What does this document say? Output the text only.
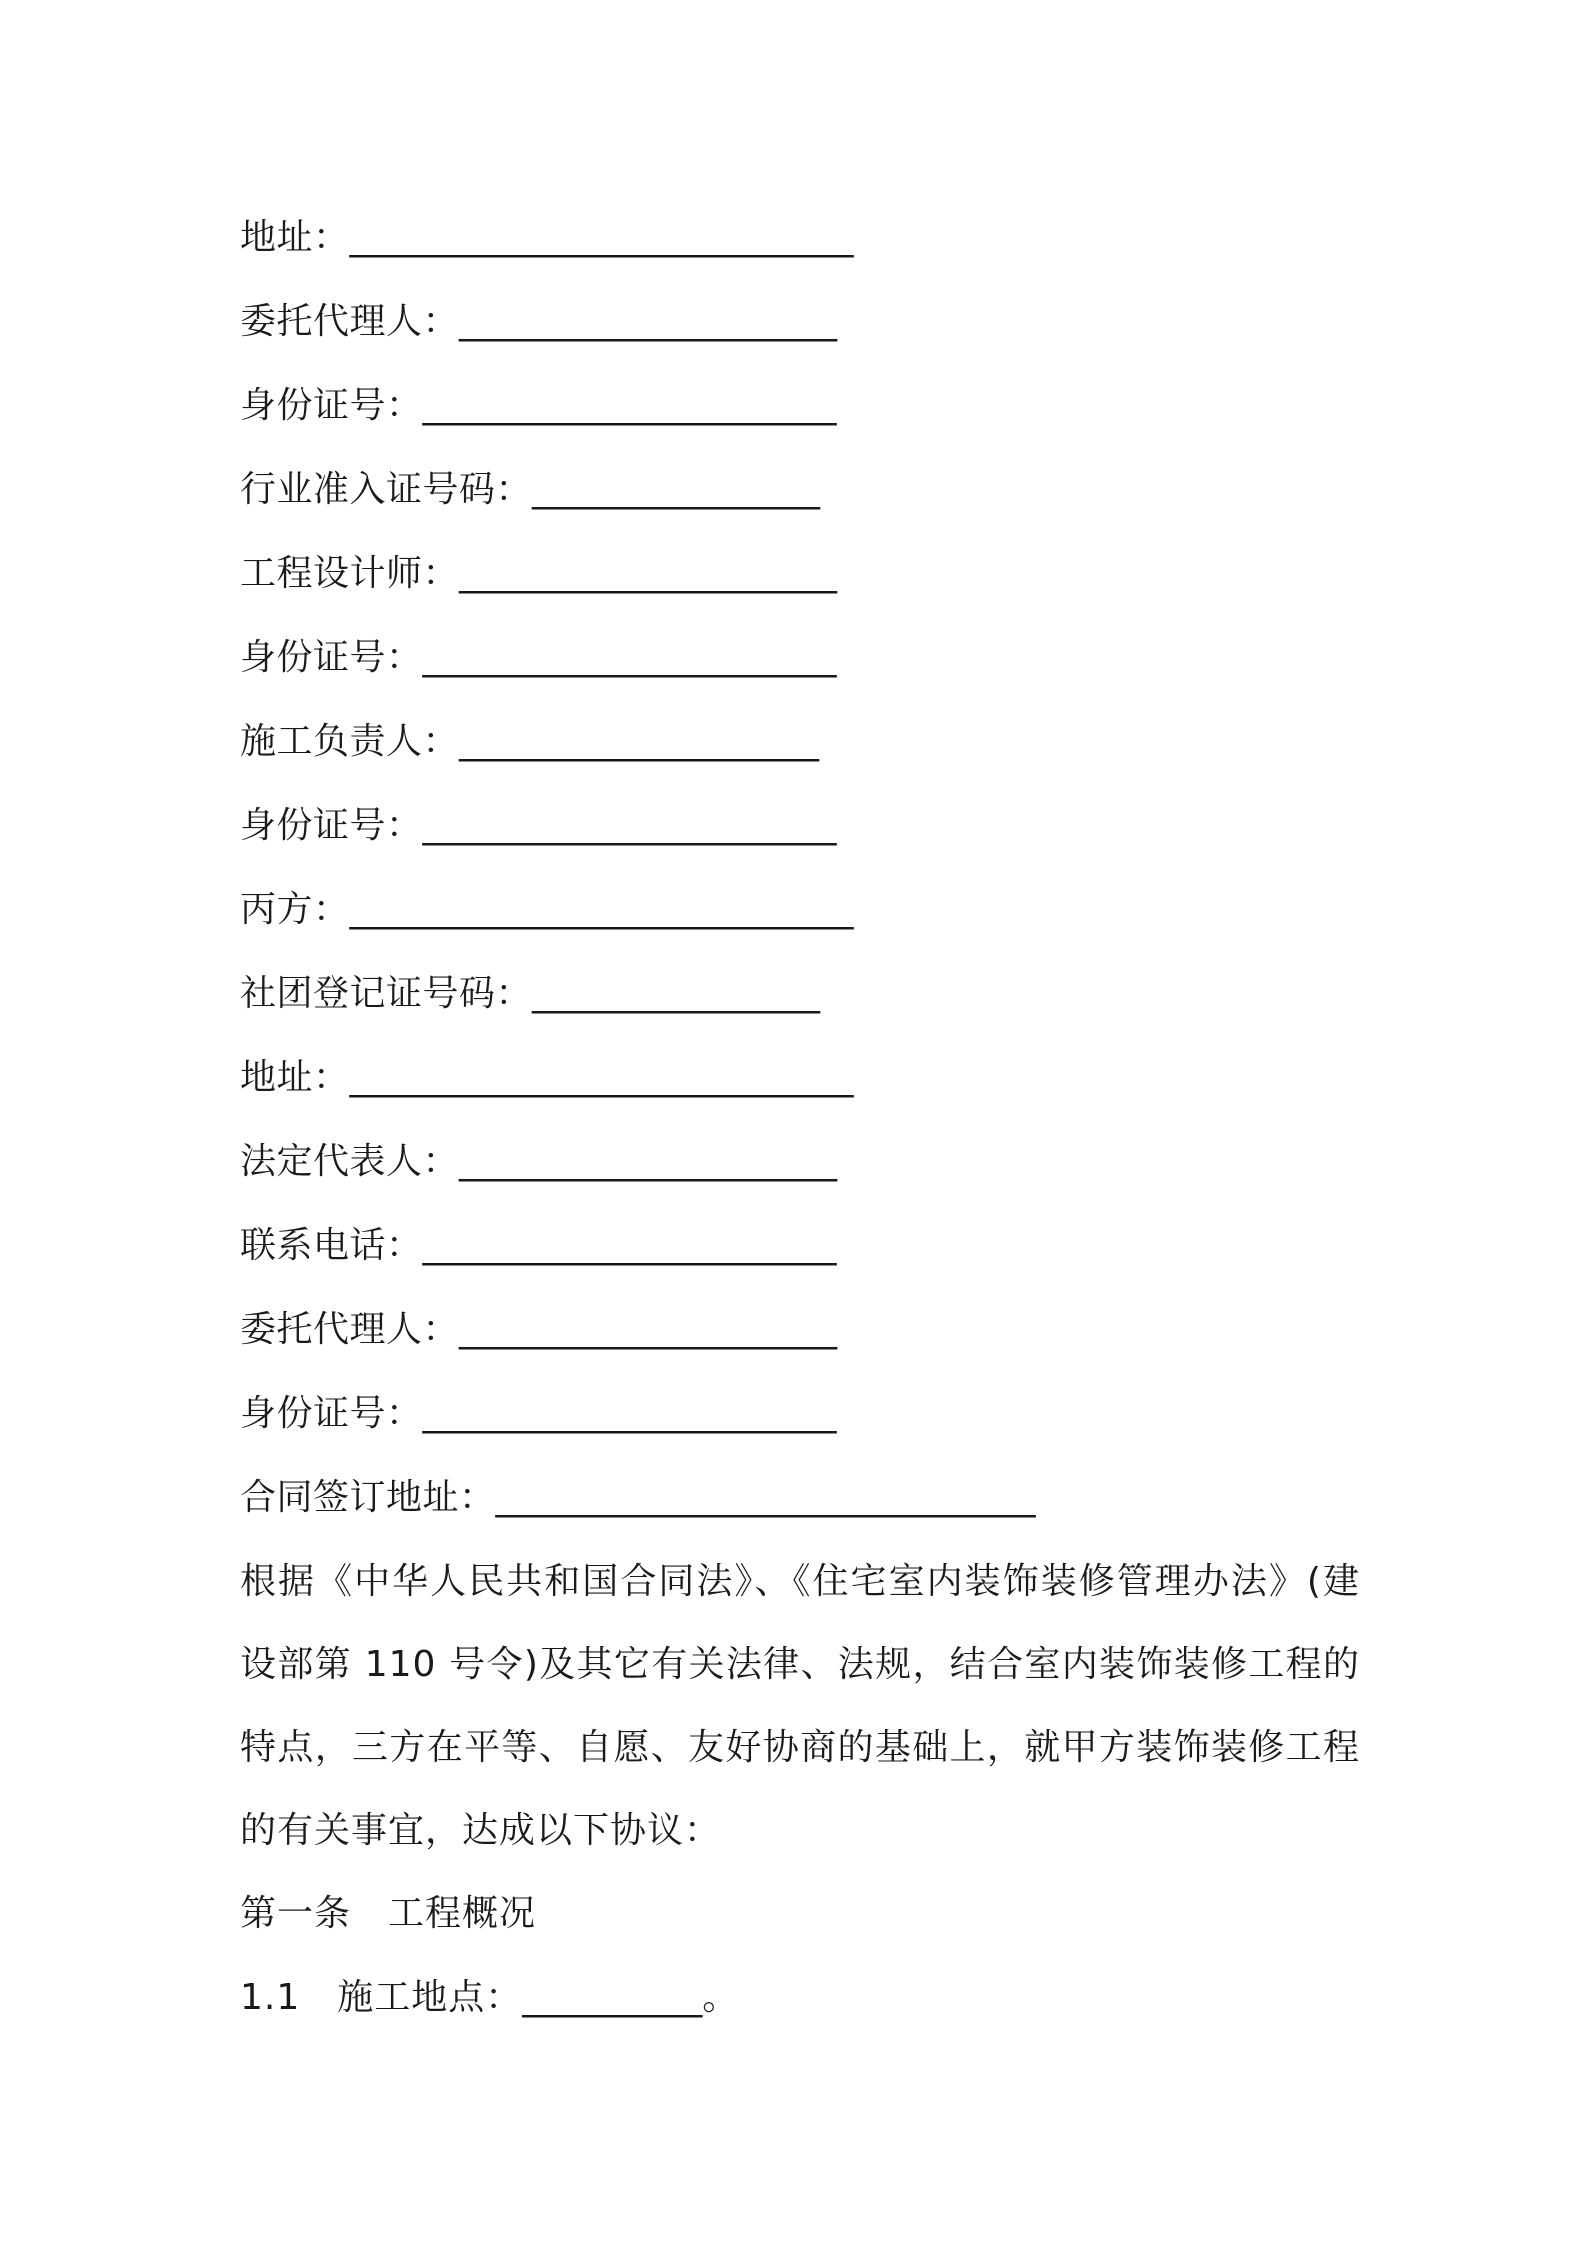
地址：____________________________
委托代理人：_____________________
身份证号：_______________________
行业准入证号码：________________
工程设计师：_____________________
身份证号：_______________________
施工负责人：____________________
身份证号：_______________________
丙方：____________________________
社团登记证号码：________________
地址：____________________________
法定代表人：_____________________
联系电话：_______________________
委托代理人：_____________________
身份证号：_______________________
合同签订地址：______________________________

根据《中华人民共和国合同法》、《住宅室内装饰装修管理办法》(建设部第 110 号令)及其它有关法律、法规，结合室内装饰装修工程的特点，三方在平等、自愿、友好协商的基础上，就甲方装饰装修工程的有关事宜，达成以下协议：

第一条　工程概况
1.1　 施工地点：__________。
